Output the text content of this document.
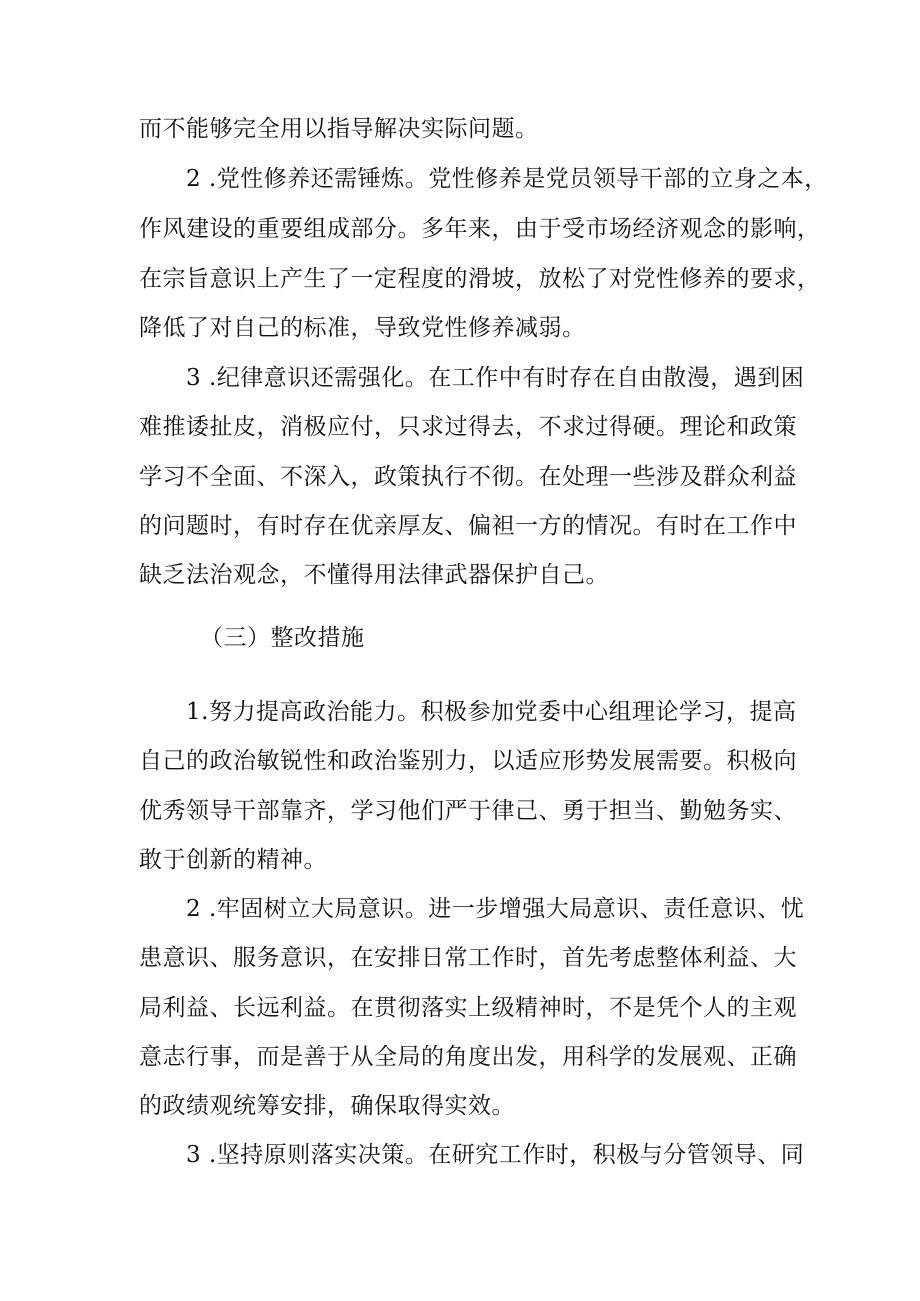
而不能够完全用以指导解决实际问题。
2 .党性修养还需锤炼。党性修养是党员领导干部的立身之本，
作风建设的重要组成部分。多年来，由于受市场经济观念的影响，
在宗旨意识上产生了一定程度的滑坡，放松了对党性修养的要求，
降低了对自己的标准，导致党性修养减弱。
3 .纪律意识还需强化。在工作中有时存在自由散漫，遇到困
难推诿扯皮，消极应付，只求过得去，不求过得硬。理论和政策
学习不全面、不深入，政策执行不彻。在处理一些涉及群众利益
的问题时，有时存在优亲厚友、偏袒一方的情况。有时在工作中
缺乏法治观念，不懂得用法律武器保护自己。
（三）整改措施
1.努力提高政治能力。积极参加党委中心组理论学习，提高
自己的政治敏锐性和政治鉴别力，以适应形势发展需要。积极向
优秀领导干部靠齐，学习他们严于律己、勇于担当、勤勉务实、
敢于创新的精神。
2 .牢固树立大局意识。进一步增强大局意识、责任意识、忧
患意识、服务意识，在安排日常工作时，首先考虑整体利益、大
局利益、长远利益。在贯彻落实上级精神时，不是凭个人的主观
意志行事，而是善于从全局的角度出发，用科学的发展观、正确
的政绩观统筹安排，确保取得实效。
3 .坚持原则落实决策。在研究工作时，积极与分管领导、同
